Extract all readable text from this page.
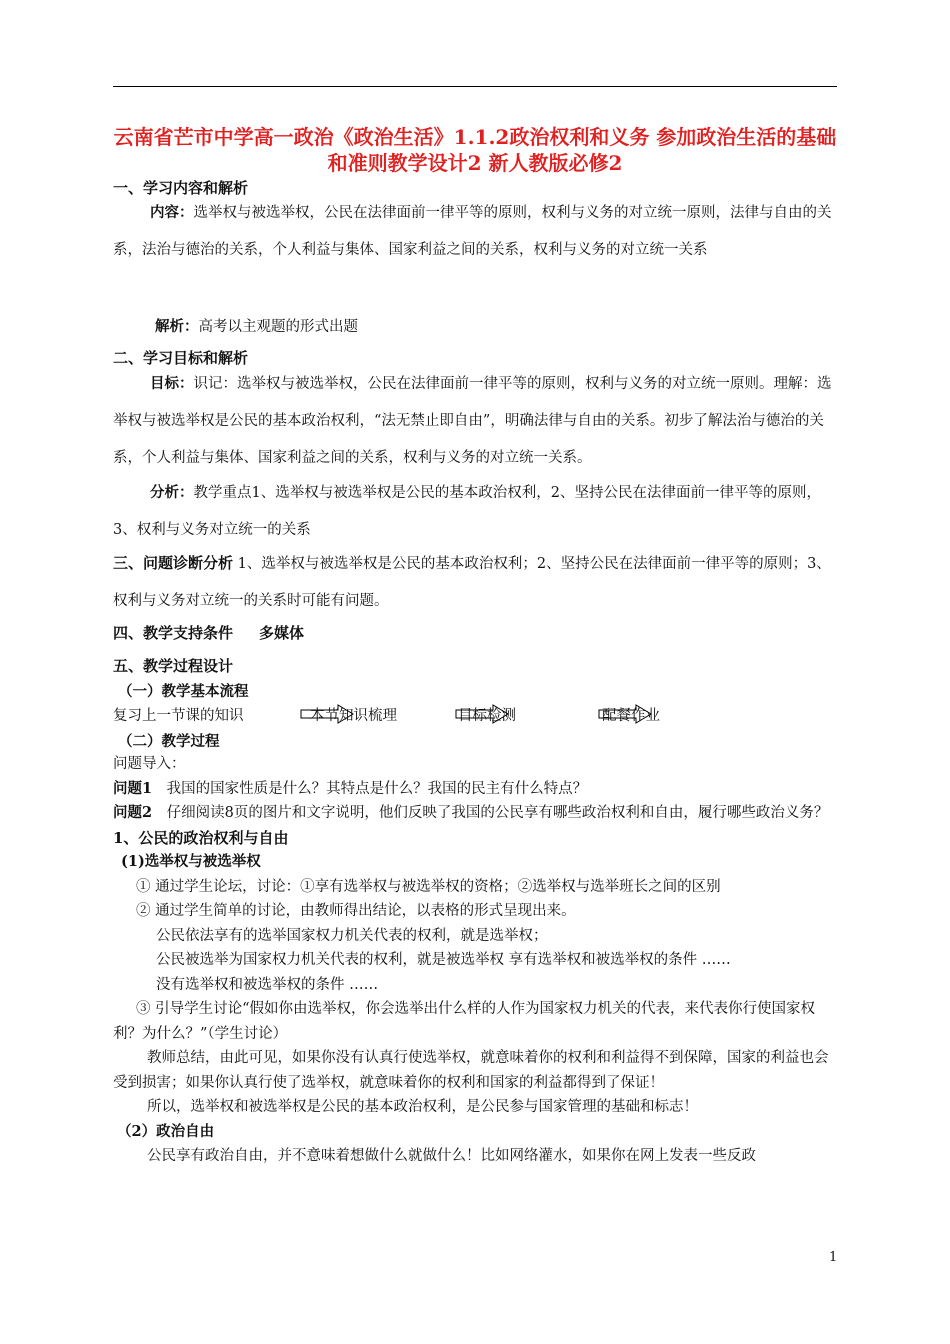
云南省芒市中学高一政治《政治生活》1.1.2政治权利和义务 参加政治生活的基础和准则教学设计2 新人教版必修2
一、学习内容和解析
内容：选举权与被选举权，公民在法律面前一律平等的原则，权利与义务的对立统一原则，法律与自由的关系，法治与德治的关系，个人利益与集体、国家利益之间的关系，权利与义务的对立统一关系
解析：高考以主观题的形式出题
二、学习目标和解析
目标：识记：选举权与被选举权，公民在法律面前一律平等的原则，权利与义务的对立统一原则。理解：选举权与被选举权是公民的基本政治权利，“法无禁止即自由”，明确法律与自由的关系。初步了解法治与德治的关系，个人利益与集体、国家利益之间的关系，权利与义务的对立统一关系。
分析：教学重点1、选举权与被选举权是公民的基本政治权利，2、坚持公民在法律面前一律平等的原则，3、权利与义务对立统一的关系
三、问题诊断分析 1、选举权与被选举权是公民的基本政治权利；2、坚持公民在法律面前一律平等的原则；3、权利与义务对立统一的关系时可能有问题。
四、教学支持条件 多媒体
五、教学过程设计
（一）教学基本流程
复习上一节课的知识	本节知识梳理	目标检测	配餐作业
（二）教学过程
问题导入：
问题1　我国的国家性质是什么？其特点是什么？我国的民主有什么特点？
问题2　仔细阅读8页的图片和文字说明，他们反映了我国的公民享有哪些政治权利和自由，履行哪些政治义务？
1、公民的政治权利与自由
(1)选举权与被选举权
① 通过学生论坛，讨论：①享有选举权与被选举权的资格；②选举权与选举班长之间的区别
② 通过学生简单的讨论，由教师得出结论，以表格的形式呈现出来。
公民依法享有的选举国家权力机关代表的权利，就是选举权；
公民被选举为国家权力机关代表的权利，就是被选举权 享有选举权和被选举权的条件 ……
没有选举权和被选举权的条件 ……
③ 引导学生讨论“假如你由选举权，你会选举出什么样的人作为国家权力机关的代表，来代表你行使国家权利？为什么？”（学生讨论）
教师总结，由此可见，如果你没有认真行使选举权，就意味着你的权利和利益得不到保障，国家的利益也会受到损害；如果你认真行使了选举权，就意味着你的权利和国家的利益都得到了保证！
所以，选举权和被选举权是公民的基本政治权利，是公民参与国家管理的基础和标志！
（2）政治自由
公民享有政治自由，并不意味着想做什么就做什么！比如网络灌水，如果你在网上发表一些反政
1
